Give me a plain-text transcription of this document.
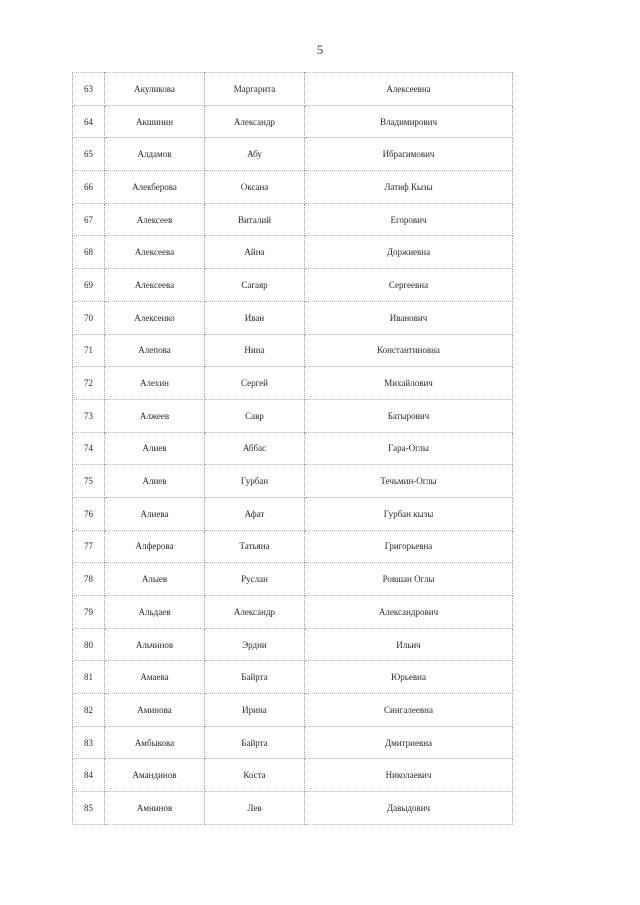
5
63	Акуликова	Маргарита	Алексеевна
64	Акшинин	Александр	Владимирович
65	Алдамов	Абу	Ибрагимович
66	Алекберова	Оксана	Латиф Кызы
67	Алексеев	Виталий	Егорович
68	Алексеева	Айна	Доржиевна
69	Алексеева	Сагаяр	Сергеевна
70	Алексенко	Иван	Иванович
71	Алепова	Нина	Константиновна
72	Алехин	Сергей	Михайлович
73	Алжеев	Савр	Батырович
74	Алиев	Аббас	Гара-Оглы
75	Алиев	Гурбан	Течьмин-Оглы
76	Алиева	Афат	Гурбан кызы
77	Алферова	Татьяна	Григорьевна
78	Алыев	Руслан	Ровшан Оглы
79	Альдаев	Александр	Александрович
80	Альчинов	Эрдни	Ильич
81	Амаева	Байрта	Юрьевна
82	Аминова	Ирина	Сингалеевна
83	Амбыкова	Байрта	Дмитриевна
84	Амандинов	Коста	Николаевич
85	Амнинов	Лев	Давыдович
